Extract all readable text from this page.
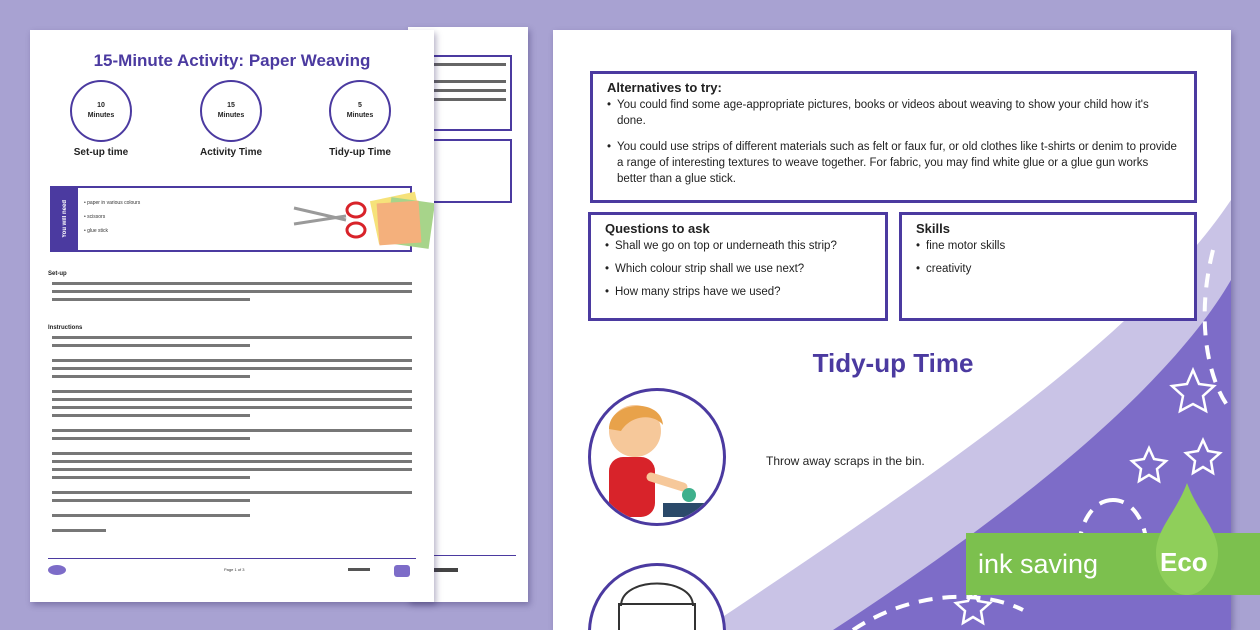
15-Minute Activity: Paper Weaving
10
Minutes
15
Minutes
5
Minutes
Set-up time	Activity Time	Tidy-up Time
You will need
•	paper in various colours
• scissors
• glue stick
Set-up
Instructions
Page 1 of 3
Alternatives to try:
• You could find some age-appropriate pictures, books or videos about weaving to show your child how it's done.
• You could use strips of different materials such as felt or faux fur, or old clothes like t-shirts or denim to provide a range of interesting textures to weave together. For fabric, you may find white glue or a glue gun works better than a glue stick.
Questions to ask
• Shall we go on top or underneath this strip?
• Which colour strip shall we use next?
• How many strips have we used?
Skills
• fine motor skills
• creativity
Tidy-up Time
Throw away scraps in the bin.
ink saving Eco
